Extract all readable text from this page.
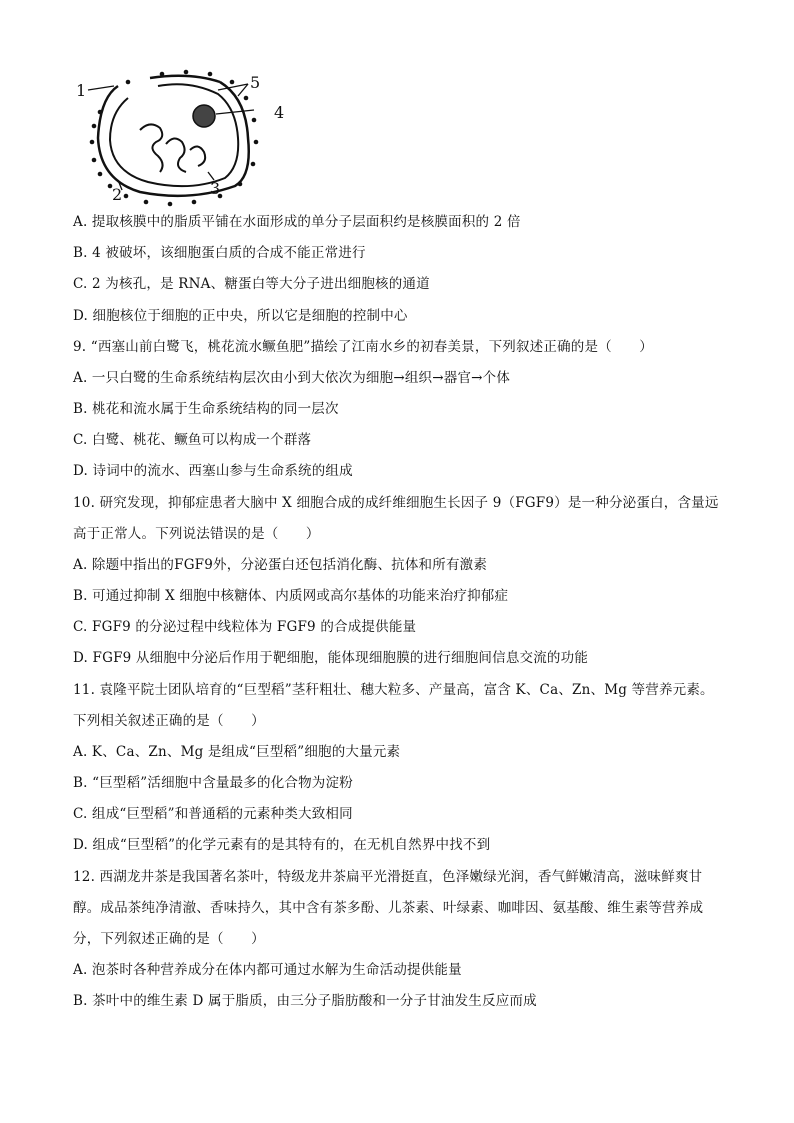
1
2	3
4
5
A. 提取核膜中的脂质平铺在水面形成的单分子层面积约是核膜面积的 2 倍
B. 4 被破坏，该细胞蛋白质的合成不能正常进行
C. 2 为核孔，是 RNA、糖蛋白等大分子进出细胞核的通道
D. 细胞核位于细胞的正中央，所以它是细胞的控制中心
9. “西塞山前白鹭飞，桃花流水鳜鱼肥”描绘了江南水乡的初春美景，下列叙述正确的是（　　）
A. 一只白鹭的生命系统结构层次由小到大依次为细胞→组织→器官→个体
B. 桃花和流水属于生命系统结构的同一层次
C. 白鹭、桃花、鳜鱼可以构成一个群落
D. 诗词中的流水、西塞山参与生命系统的组成
10. 研究发现，抑郁症患者大脑中 X 细胞合成的成纤维细胞生长因子 9（FGF9）是一种分泌蛋白，含量远
高于正常人。下列说法错误的是（　　）
A. 除题中指出的FGF9外，分泌蛋白还包括消化酶、抗体和所有激素
B. 可通过抑制 X 细胞中核糖体、内质网或高尔基体的功能来治疗抑郁症
C. FGF9 的分泌过程中线粒体为 FGF9 的合成提供能量
D. FGF9 从细胞中分泌后作用于靶细胞，能体现细胞膜的进行细胞间信息交流的功能
11. 袁隆平院士团队培育的“巨型稻”茎秆粗壮、穗大粒多、产量高，富含 K、Ca、Zn、Mg 等营养元素。
下列相关叙述正确的是（　　）
A. K、Ca、Zn、Mg 是组成“巨型稻”细胞的大量元素
B. “巨型稻”活细胞中含量最多的化合物为淀粉
C. 组成“巨型稻”和普通稻的元素种类大致相同
D. 组成“巨型稻”的化学元素有的是其特有的，在无机自然界中找不到
12. 西湖龙井茶是我国著名茶叶，特级龙井茶扁平光滑挺直，色泽嫩绿光润，香气鲜嫩清高，滋味鲜爽甘
醇。成品茶纯净清澈、香味持久，其中含有茶多酚、儿茶素、叶绿素、咖啡因、氨基酸、维生素等营养成
分，下列叙述正确的是（　　）
A. 泡茶时各种营养成分在体内都可通过水解为生命活动提供能量
B. 茶叶中的维生素 D 属于脂质，由三分子脂肪酸和一分子甘油发生反应而成
